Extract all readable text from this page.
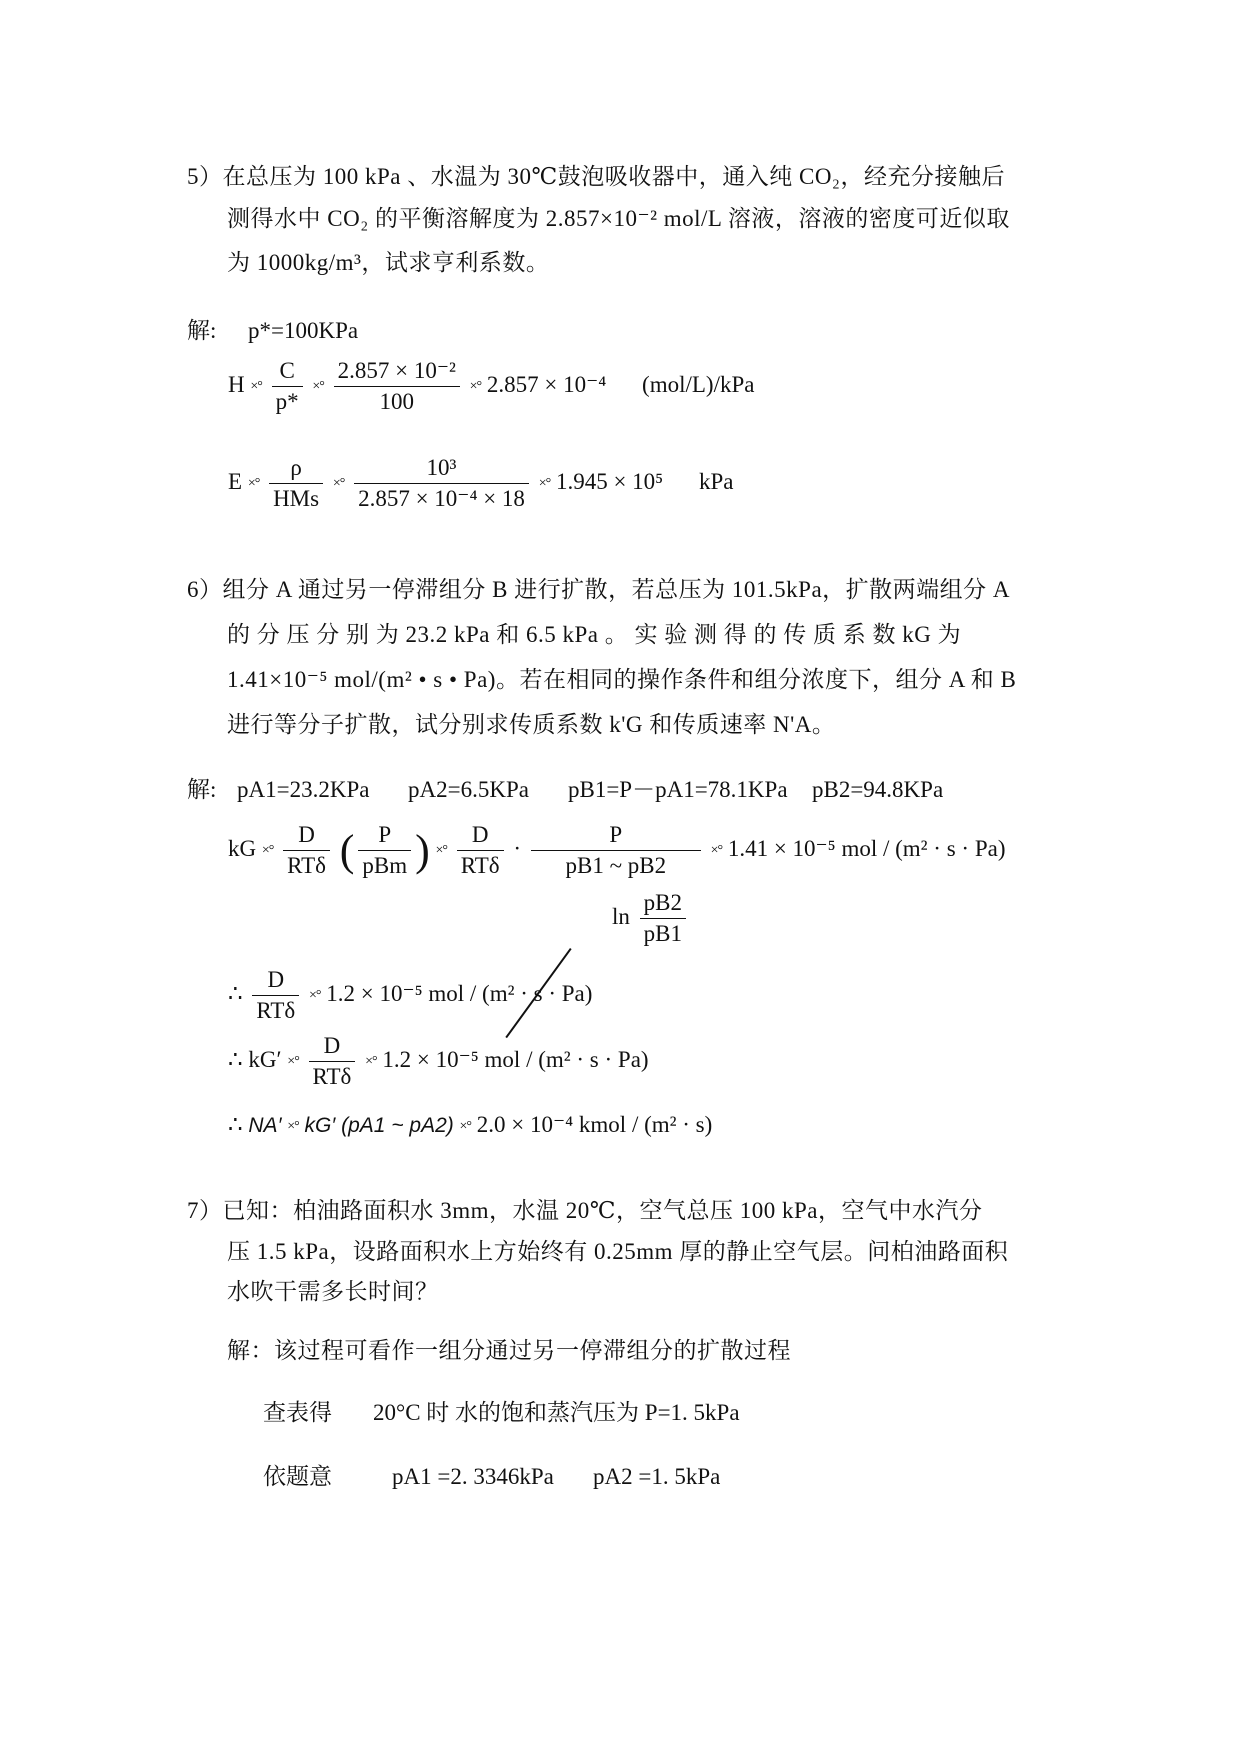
5）在总压为 100 kPa 、水温为 30℃鼓泡吸收器中，通入纯 CO₂，经充分接触后
测得水中 CO₂ 的平衡溶解度为 2.857×10⁻² mol/L 溶液，溶液的密度可近似取
为 1000kg/m³，试求亨利系数。
解: p*=100KPa
H ×° $\frac{C}{p*}$ ×° $\frac{\text{2.857 × 10⁻²}}{100}$ ×° 2.857 × 10⁻⁴ (mol/L)/kPa
E ×° $\frac{\rho}{\text{HMs}}$ ×° $\frac{\text{10³}}{\text{2.857 × 10⁻⁴ × 18}}$ ×° 1.945 × 10⁵ kPa
6）组分 A 通过另一停滞组分 B 进行扩散，若总压为 101.5kPa，扩散两端组分 A
的 分 压 分 别 为 23.2 kPa 和 6.5 kPa 。 实 验 测 得 的 传 质 系 数 kG 为
1.41×10⁻⁵ mol/(m² • s • Pa)。若在相同的操作条件和组分浓度下，组分 A 和 B
进行等分子扩散，试分别求传质系数 k'G 和传质速率 N'A。
解: pA1=23.2KPa pA2=6.5KPa pB1=P－pA1=78.1KPa pB2=94.8KPa
kG ×° $\frac{D}{\text{RTδ}}$ ( $\frac{P}{\text{pBm}}$ ) ×° $\frac{D}{\text{RTδ}} \cdot \frac{P}{pB1 \sim pB2}$ ×° 1.41 × 10⁻⁵ mol / (m² · s · Pa)
$\ln \frac{pB2}{pB1}$
∴ $\frac{D}{\text{RTδ}}$ ×° 1.2 × 10⁻⁵ mol / (m² · s · Pa)
∴ kG′ ×° $\frac{D}{\text{RTδ}}$ ×° 1.2 × 10⁻⁵ mol / (m² · s · Pa)
∴ NA′ ×° kG′ (pA1 ~ pA2) ×° 2.0 × 10⁻⁴ kmol / (m² · s)
7）已知：柏油路面积水 3mm，水温 20℃，空气总压 100 kPa，空气中水汽分
压 1.5 kPa，设路面积水上方始终有 0.25mm 厚的静止空气层。问柏油路面积
水吹干需多长时间？
解：该过程可看作一组分通过另一停滞组分的扩散过程
查表得 20°C 时 水的饱和蒸汽压为 P=1. 5kPa
依题意	pA1 =2. 3346kPa pA2 =1. 5kPa
